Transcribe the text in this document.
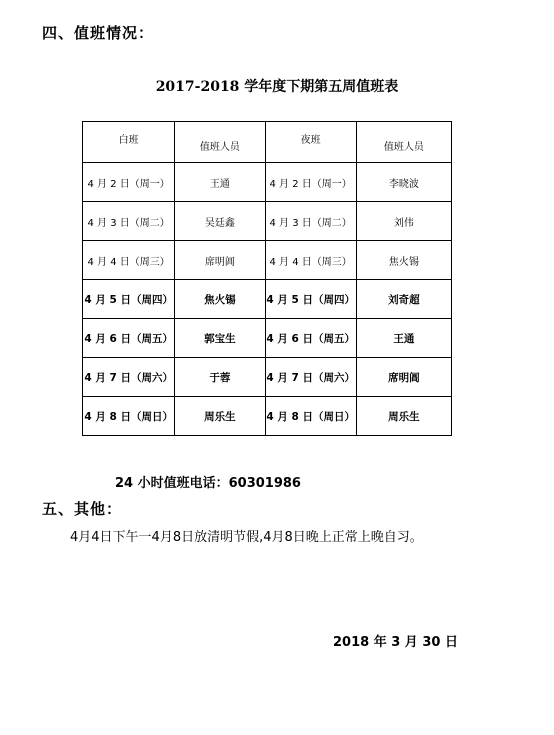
四、值班情况：
2017-2018 学年度下期第五周值班表
白班	值班人员	夜班	值班人员
4 月 2 日（周一）	王通	4 月 2 日（周一）	李晓波
4 月 3 日（周二）	吴廷鑫	4 月 3 日（周二）	刘伟
4 月 4 日（周三）	席明阊	4 月 4 日（周三）	焦火锡
4 月 5 日（周四）	焦火锡	4 月 5 日（周四）	刘奇超
4 月 6 日（周五）	郭宝生	4 月 6 日（周五）	王通
4 月 7 日（周六）	于蓉	4 月 7 日（周六）	席明阊
4 月 8 日（周日）	周乐生	4 月 8 日（周日）	周乐生
24 小时值班电话：60301986
五、其他：
4月4日下午一4月8日放清明节假,4月8日晚上正常上晚自习。
2018 年 3 月 30 日
